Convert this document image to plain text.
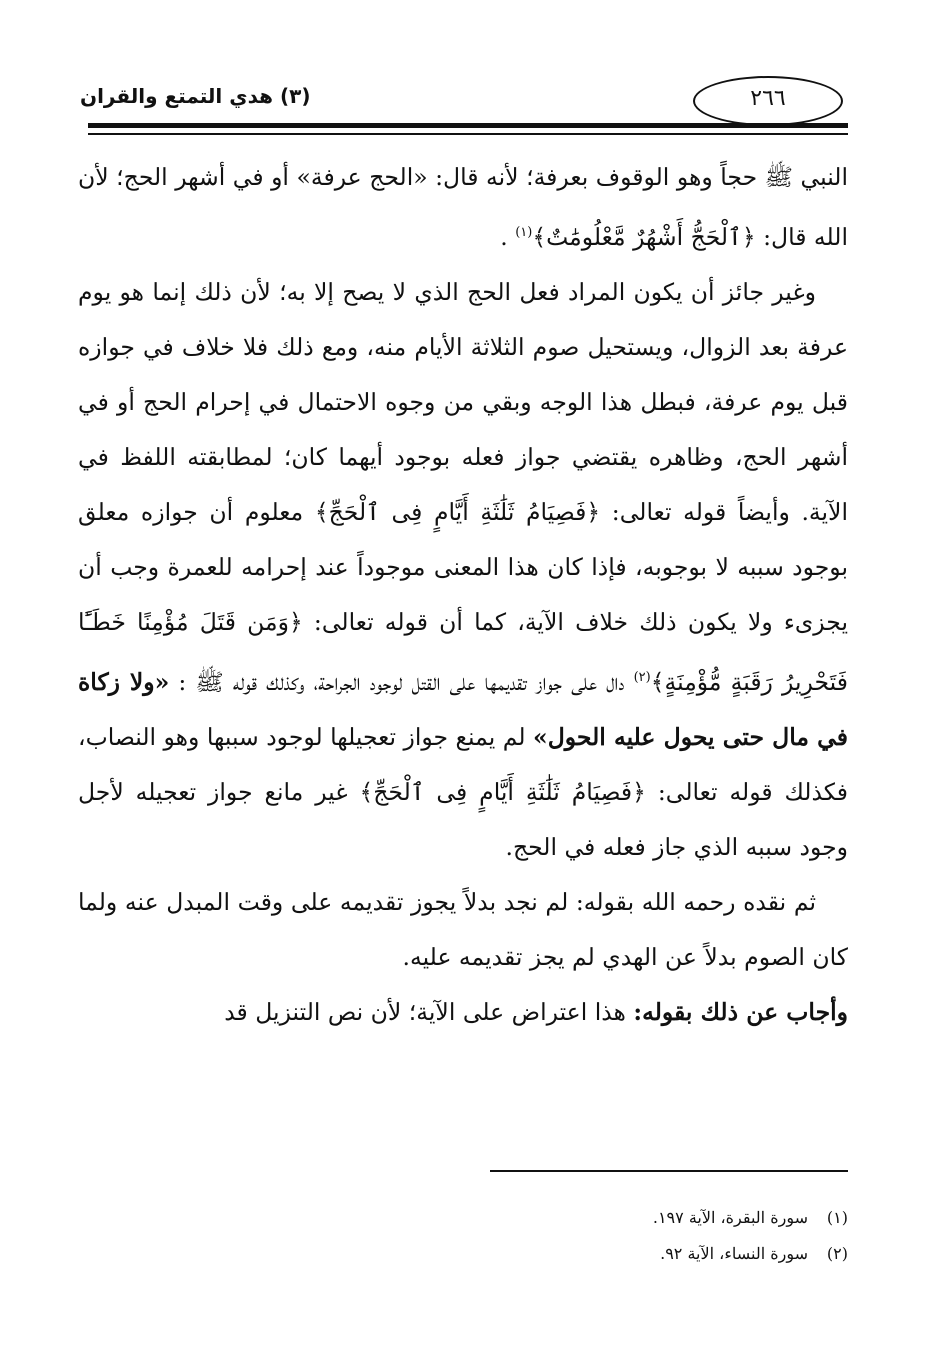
(٣) هدي التمتع والقران	٢٦٦

النبي ﷺ حجاً وهو الوقوف بعرفة؛ لأنه قال: «الحج عرفة» أو في أشهر الحج؛ لأن الله قال: ﴿ٱلْحَجُّ أَشْهُرٌ مَّعْلُومَٰتٌ﴾$^{(١)}$ .

وغير جائز أن يكون المراد فعل الحج الذي لا يصح إلا به؛ لأن ذلك إنما هو يوم عرفة بعد الزوال، ويستحيل صوم الثلاثة الأيام منه، ومع ذلك فلا خلاف في جوازه قبل يوم عرفة، فبطل هذا الوجه وبقي من وجوه الاحتمال في إحرام الحج أو في أشهر الحج، وظاهره يقتضي جواز فعله بوجود أيهما كان؛ لمطابقته اللفظ في الآية. وأيضاً قوله تعالى: ﴿فَصِيَامُ ثَلَٰثَةِ أَيَّامٍ فِى ٱلْحَجِّ﴾ معلوم أن جوازه معلق بوجود سببه لا بوجوبه، فإذا كان هذا المعنى موجوداً عند إحرامه للعمرة وجب أن يجزىء ولا يكون ذلك خلاف الآية، كما أن قوله تعالى: ﴿وَمَن قَتَلَ مُؤْمِنًا خَطَـًٔا فَتَحْرِيرُ رَقَبَةٍ مُّؤْمِنَةٍ﴾$^{(٢)}$ دال على جواز تقديمها على القتل لوجود الجراحة، وكذلك قوله ﷺ : «ولا زكاة في مال حتى يحول عليه الحول» لم يمنع جواز تعجيلها لوجود سببها وهو النصاب، فكذلك قوله تعالى: ﴿فَصِيَامُ ثَلَٰثَةِ أَيَّامٍ فِى ٱلْحَجِّ﴾ غير مانع جواز تعجيله لأجل وجود سببه الذي جاز فعله في الحج.

ثم نقده رحمه الله بقوله: لم نجد بدلاً يجوز تقديمه على وقت المبدل عنه ولما كان الصوم بدلاً عن الهدي لم يجز تقديمه عليه.

وأجاب عن ذلك بقوله: هذا اعتراض على الآية؛ لأن نص التنزيل قد

(١)سورة البقرة، الآية ١٩٧.

(٢)سورة النساء، الآية ٩٢.
